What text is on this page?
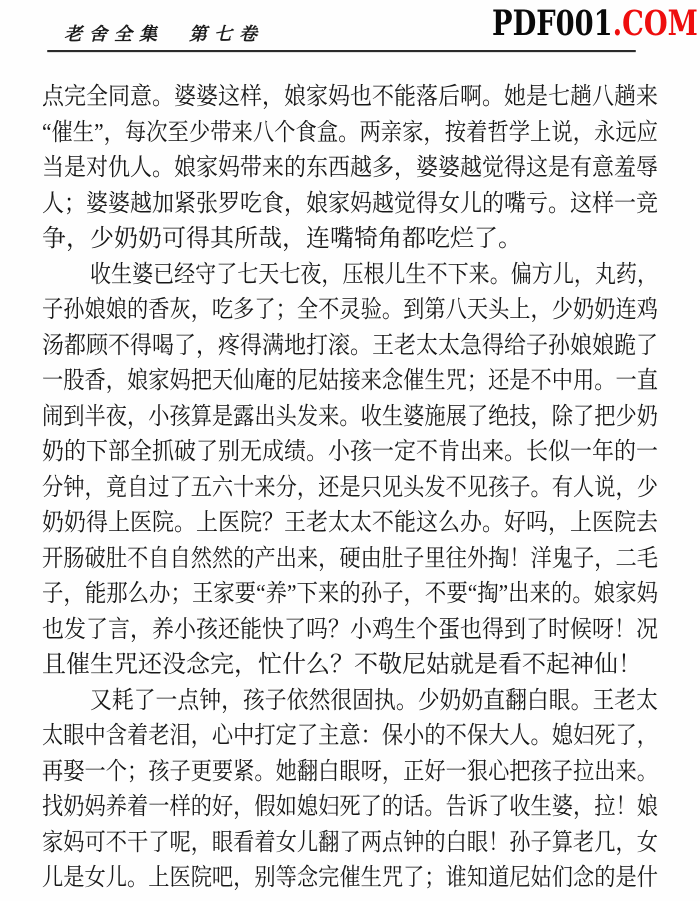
老舍全集　第七卷	PDF001.COM
点完全同意。婆婆这样，娘家妈也不能落后啊。她是七趟八趟来
“催生”，每次至少带来八个食盒。两亲家，按着哲学上说，永远应
当是对仇人。娘家妈带来的东西越多，婆婆越觉得这是有意羞辱
人；婆婆越加紧张罗吃食，娘家妈越觉得女儿的嘴亏。这样一竞
争，少奶奶可得其所哉，连嘴犄角都吃烂了。
收生婆已经守了七天七夜，压根儿生不下来。偏方儿，丸药，
子孙娘娘的香灰，吃多了；全不灵验。到第八天头上，少奶奶连鸡
汤都顾不得喝了，疼得满地打滚。王老太太急得给子孙娘娘跪了
一股香，娘家妈把天仙庵的尼姑接来念催生咒；还是不中用。一直
闹到半夜，小孩算是露出头发来。收生婆施展了绝技，除了把少奶
奶的下部全抓破了别无成绩。小孩一定不肯出来。长似一年的一
分钟，竟自过了五六十来分，还是只见头发不见孩子。有人说，少
奶奶得上医院。上医院？王老太太不能这么办。好吗，上医院去
开肠破肚不自自然然的产出来，硬由肚子里往外掏！洋鬼子，二毛
子，能那么办；王家要“养”下来的孙子，不要“掏”出来的。娘家妈
也发了言，养小孩还能快了吗？小鸡生个蛋也得到了时候呀！况
且催生咒还没念完，忙什么？不敬尼姑就是看不起神仙！
又耗了一点钟，孩子依然很固执。少奶奶直翻白眼。王老太
太眼中含着老泪，心中打定了主意：保小的不保大人。媳妇死了，
再娶一个；孩子更要紧。她翻白眼呀，正好一狠心把孩子拉出来。
找奶妈养着一样的好，假如媳妇死了的话。告诉了收生婆，拉！娘
家妈可不干了呢，眼看着女儿翻了两点钟的白眼！孙子算老几，女
儿是女儿。上医院吧，别等念完催生咒了；谁知道尼姑们念的是什
